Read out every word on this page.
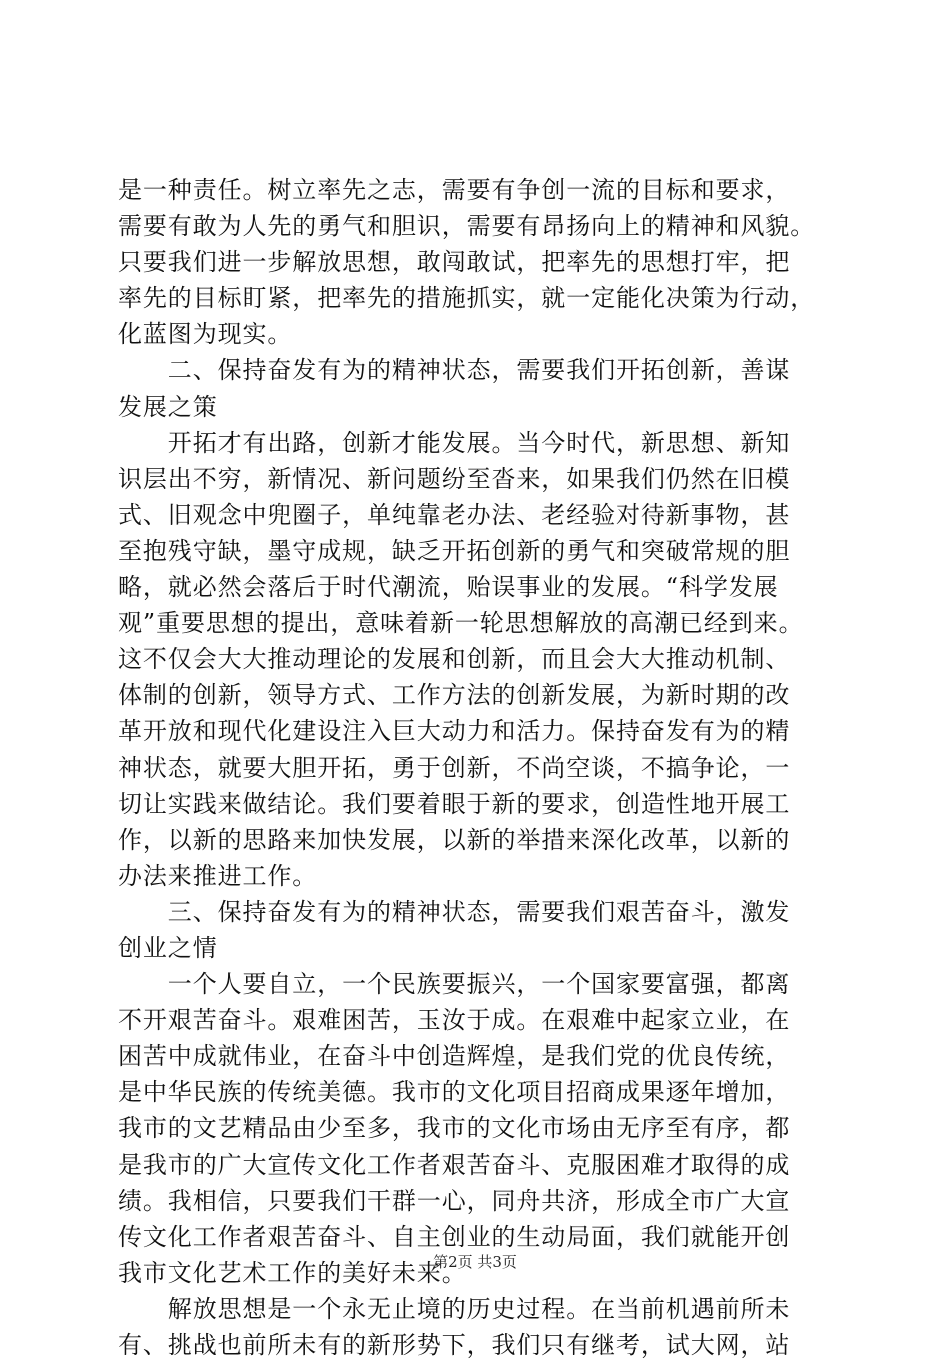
是一种责任。树立率先之志，需要有争创一流的目标和要求，
需要有敢为人先的勇气和胆识，需要有昂扬向上的精神和风貌。
只要我们进一步解放思想，敢闯敢试，把率先的思想打牢，把
率先的目标盯紧，把率先的措施抓实，就一定能化决策为行动，
化蓝图为现实。
　　二、保持奋发有为的精神状态，需要我们开拓创新，善谋
发展之策
　　开拓才有出路，创新才能发展。当今时代，新思想、新知
识层出不穷，新情况、新问题纷至沓来，如果我们仍然在旧模
式、旧观念中兜圈子，单纯靠老办法、老经验对待新事物，甚
至抱残守缺，墨守成规，缺乏开拓创新的勇气和突破常规的胆
略，就必然会落后于时代潮流，贻误事业的发展。“科学发展
观”重要思想的提出，意味着新一轮思想解放的高潮已经到来。
这不仅会大大推动理论的发展和创新，而且会大大推动机制、
体制的创新，领导方式、工作方法的创新发展，为新时期的改
革开放和现代化建设注入巨大动力和活力。保持奋发有为的精
神状态，就要大胆开拓，勇于创新，不尚空谈，不搞争论，一
切让实践来做结论。我们要着眼于新的要求，创造性地开展工
作，以新的思路来加快发展，以新的举措来深化改革，以新的
办法来推进工作。
　　三、保持奋发有为的精神状态，需要我们艰苦奋斗，激发
创业之情
　　一个人要自立，一个民族要振兴，一个国家要富强，都离
不开艰苦奋斗。艰难困苦，玉汝于成。在艰难中起家立业，在
困苦中成就伟业，在奋斗中创造辉煌，是我们党的优良传统，
是中华民族的传统美德。我市的文化项目招商成果逐年增加，
我市的文艺精品由少至多，我市的文化市场由无序至有序，都
是我市的广大宣传文化工作者艰苦奋斗、克服困难才取得的成
绩。我相信，只要我们干群一心，同舟共济，形成全市广大宣
传文化工作者艰苦奋斗、自主创业的生动局面，我们就能开创
我市文化艺术工作的美好未来。
　　解放思想是一个永无止境的历史过程。在当前机遇前所未
有、挑战也前所未有的新形势下，我们只有继考，试大网，站
第2页 共3页
